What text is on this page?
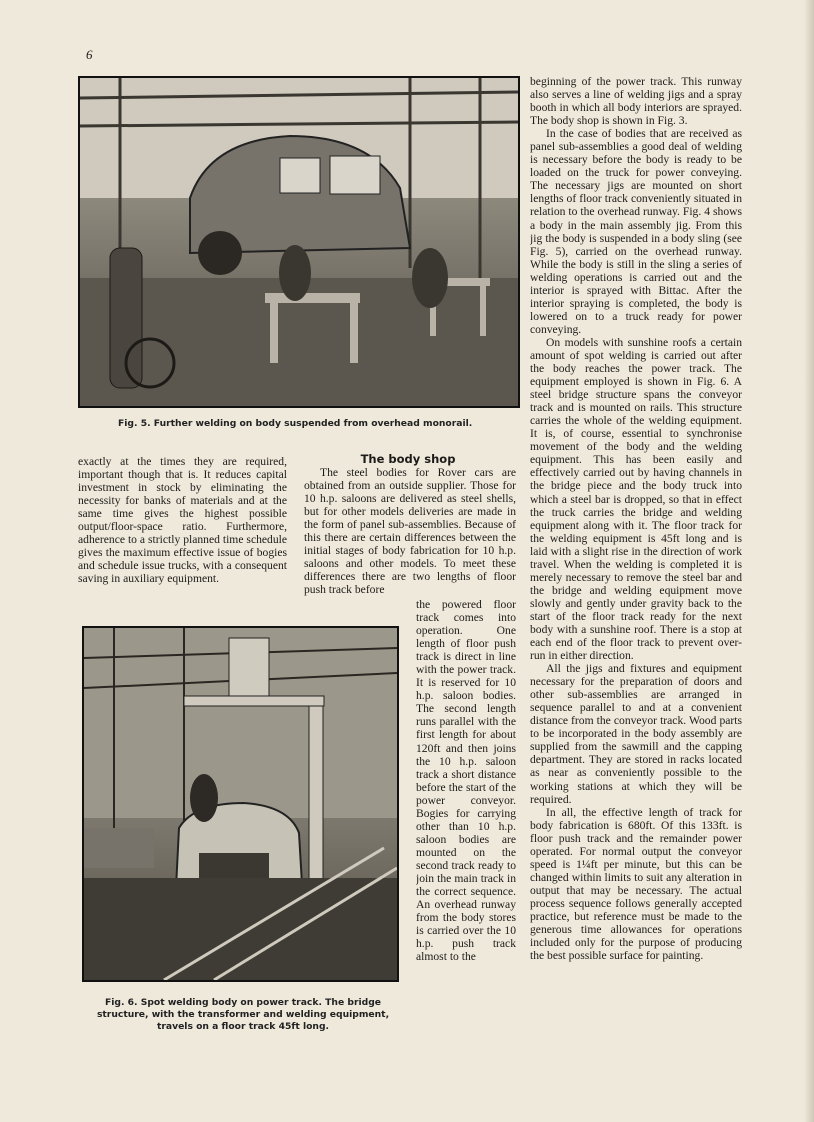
6
Fig. 5. Further welding on body suspended from overhead monorail.

exactly at the times they are required, important though that is. It reduces capital investment in stock by eliminating the necessity for banks of materials and at the same time gives the highest possible output/floor-space ratio. Furthermore, adherence to a strictly planned time schedule gives the maximum effective issue of bogies and schedule issue trucks, with a consequent saving in auxiliary equipment.

The body shop

The steel bodies for Rover cars are obtained from an outside supplier. Those for 10 h.p. saloons are delivered as steel shells, but for other models deliveries are made in the form of panel sub-assemblies. Because of this there are certain differences between the initial stages of body fabrication for 10 h.p. saloons and other models. To meet these differences there are two lengths of floor push track before

the powered floor track comes into operation. One length of floor push track is direct in line with the power track. It is reserved for 10 h.p. saloon bodies. The second length runs parallel with the first length for about 120ft and then joins the 10 h.p. saloon track a short distance before the start of the power conveyor. Bogies for carrying other than 10 h.p. saloon bodies are mounted on the second track ready to join the main track in the correct sequence. An overhead runway from the body stores is carried over the 10 h.p. push track almost to the

Fig. 6. Spot welding body on power track. The bridge structure, with the transformer and welding equipment, travels on a floor track 45ft long.

beginning of the power track. This runway also serves a line of welding jigs and a spray booth in which all body interiors are sprayed. The body shop is shown in Fig. 3.

In the case of bodies that are received as panel sub-assemblies a good deal of welding is necessary before the body is ready to be loaded on the truck for power conveying. The necessary jigs are mounted on short lengths of floor track conveniently situated in relation to the overhead runway. Fig. 4 shows a body in the main assembly jig. From this jig the body is suspended in a body sling (see Fig. 5), carried on the overhead runway. While the body is still in the sling a series of welding operations is carried out and the interior is sprayed with Bittac. After the interior spraying is completed, the body is lowered on to a truck ready for power conveying.

On models with sunshine roofs a certain amount of spot welding is carried out after the body reaches the power track. The equipment employed is shown in Fig. 6. A steel bridge structure spans the conveyor track and is mounted on rails. This structure carries the whole of the welding equipment. It is, of course, essential to synchronise movement of the body and the welding equipment. This has been easily and effectively carried out by having channels in the bridge piece and the body truck into which a steel bar is dropped, so that in effect the truck carries the bridge and welding equipment along with it. The floor track for the welding equipment is 45ft long and is laid with a slight rise in the direction of work travel. When the welding is completed it is merely necessary to remove the steel bar and the bridge and welding equipment move slowly and gently under gravity back to the start of the floor track ready for the next body with a sunshine roof. There is a stop at each end of the floor track to prevent over-run in either direction.

All the jigs and fixtures and equipment necessary for the preparation of doors and other sub-assemblies are arranged in sequence parallel to and at a convenient distance from the conveyor track. Wood parts to be incorporated in the body assembly are supplied from the sawmill and the capping department. They are stored in racks located as near as conveniently possible to the working stations at which they will be required.

In all, the effective length of track for body fabrication is 680ft. Of this 133ft. is floor push track and the remainder power operated. For normal output the conveyor speed is 1¼ft per minute, but this can be changed within limits to suit any alteration in output that may be necessary. The actual process sequence follows generally accepted practice, but reference must be made to the generous time allowances for operations included only for the purpose of producing the best possible surface for painting.
